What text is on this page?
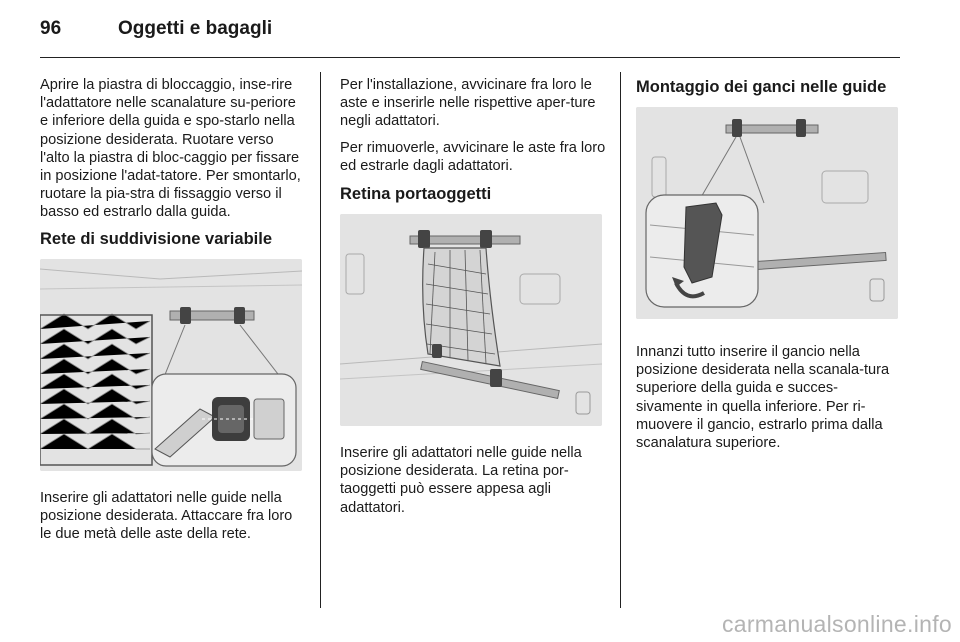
96	Oggetti e bagagli

Aprire la piastra di bloccaggio, inse-rire l'adattatore nelle scanalature su-periore e inferiore della guida e spo-starlo nella posizione desiderata. Ruotare verso l'alto la piastra di bloc-caggio per fissare in posizione l'adat-tatore. Per smontarlo, ruotare la pia-stra di fissaggio verso il basso ed estrarlo dalla guida.

Rete di suddivisione variabile

Inserire gli adattatori nelle guide nella posizione desiderata. Attaccare fra loro le due metà delle aste della rete.

Per l'installazione, avvicinare fra loro le aste e inserirle nelle rispettive aper-ture negli adattatori.

Per rimuoverle, avvicinare le aste fra loro ed estrarle dagli adattatori.

Retina portaoggetti

Inserire gli adattatori nelle guide nella posizione desiderata. La retina por-taoggetti può essere appesa agli adattatori.

Montaggio dei ganci nelle guide

Innanzi tutto inserire il gancio nella posizione desiderata nella scanala-tura superiore della guida e succes-sivamente in quella inferiore. Per ri-muovere il gancio, estrarlo prima dalla scanalatura superiore.

carmanualsonline.info
